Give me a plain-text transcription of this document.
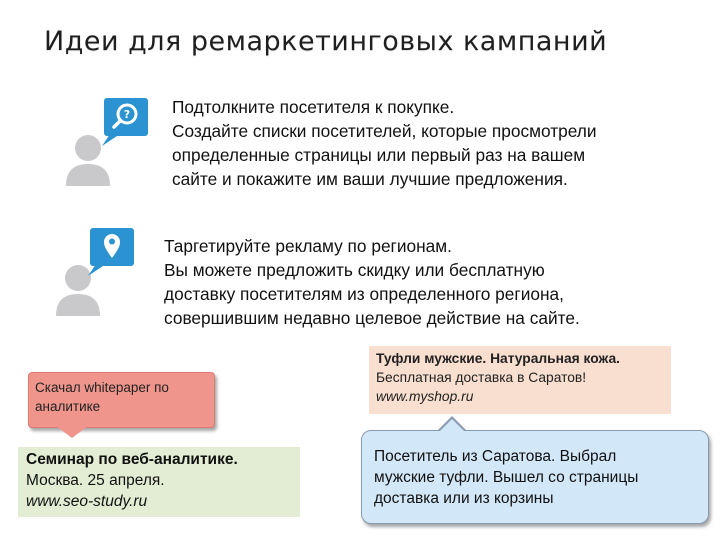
Идеи для ремаркетинговых кампаний
? Подтолкните посетителя к покупке.
Создайте списки посетителей, которые просмотрели
определенные страницы или первый раз на вашем
сайте и покажите им ваши лучшие предложения.
Таргетируйте рекламу по регионам.
Вы можете предложить скидку или бесплатную
доставку посетителям из определенного региона,
совершившим недавно целевое действие на сайте.
Скачал whitepaper по
аналитике
Семинар по веб-аналитике.
Москва. 25 апреля.
www.seo-study.ru
Туфли мужские. Натуральная кожа.
Бесплатная доставка в Саратов!
www.myshop.ru
Посетитель из Саратова. Выбрал
мужские туфли. Вышел со страницы
доставка или из корзины
